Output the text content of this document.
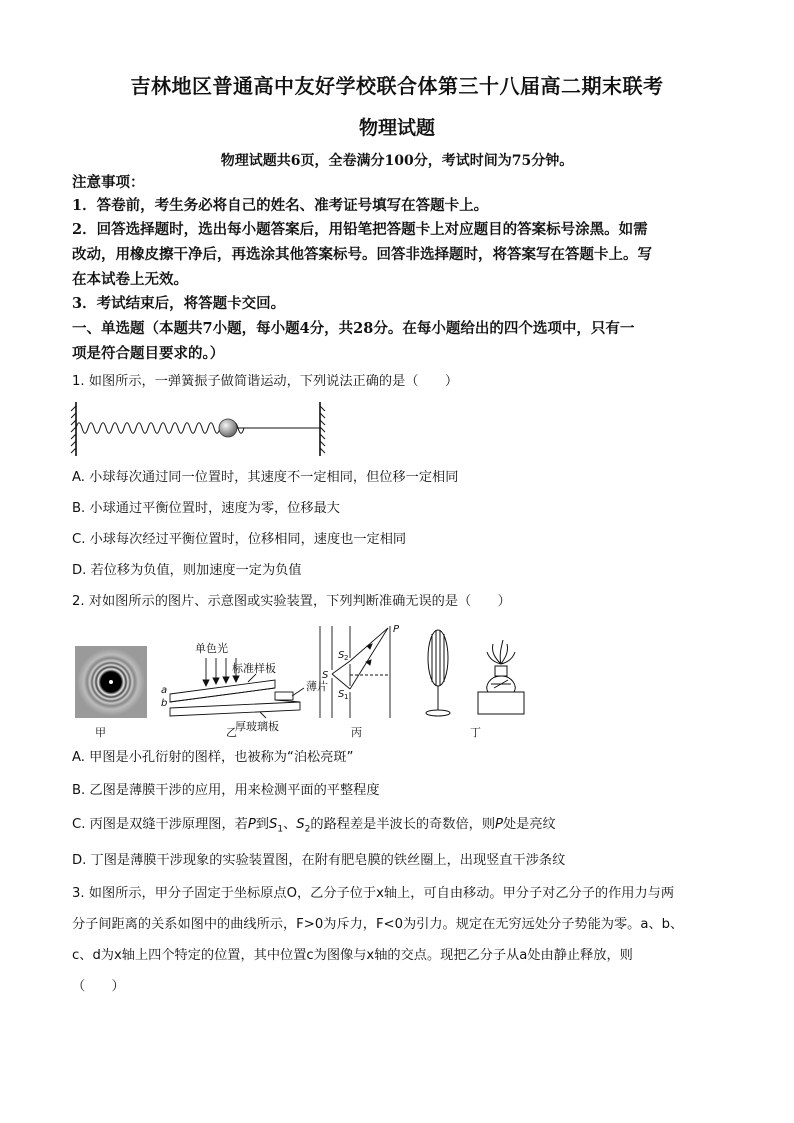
吉林地区普通高中友好学校联合体第三十八届高二期末联考
物理试题
物理试题共6页，全卷满分100分，考试时间为75分钟。
注意事项：
1．答卷前，考生务必将自己的姓名、准考证号填写在答题卡上。
2．回答选择题时，选出每小题答案后，用铅笔把答题卡上对应题目的答案标号涂黑。如需
改动，用橡皮擦干净后，再选涂其他答案标号。回答非选择题时，将答案写在答题卡上。写
在本试卷上无效。
3．考试结束后，将答题卡交回。
一、单选题（本题共7小题，每小题4分，共28分。在每小题给出的四个选项中，只有一
项是符合题目要求的。）
1. 如图所示，一弹簧振子做简谐运动，下列说法正确的是（　　）
A. 小球每次通过同一位置时，其速度不一定相同，但位移一定相同
B. 小球通过平衡位置时，速度为零，位移最大
C. 小球每次经过平衡位置时，位移相同，速度也一定相同
D. 若位移为负值，则加速度一定为负值
2. 对如图所示的图片、示意图或实验装置，下列判断准确无误的是（　　）
单色光
标准样板
薄片
厚玻璃板
a
b
P
S
S 2
S 1
甲	乙	丙	丁
A. 甲图是小孔衍射的图样，也被称为“泊松亮斑”
B. 乙图是薄膜干涉的应用，用来检测平面的平整程度
C. 丙图是双缝干涉原理图，若P到$S_1$、$S_2$的路程差是半波长的奇数倍，则P处是亮纹
D. 丁图是薄膜干涉现象的实验装置图，在附有肥皂膜的铁丝圈上，出现竖直干涉条纹
3. 如图所示，甲分子固定于坐标原点O，乙分子位于x轴上，可自由移动。甲分子对乙分子的作用力与两
分子间距离的关系如图中的曲线所示，F>0为斥力，F<0为引力。规定在无穷远处分子势能为零。a、b、
c、d为x轴上四个特定的位置，其中位置c为图像与x轴的交点。现把乙分子从a处由静止释放，则
（　　）
